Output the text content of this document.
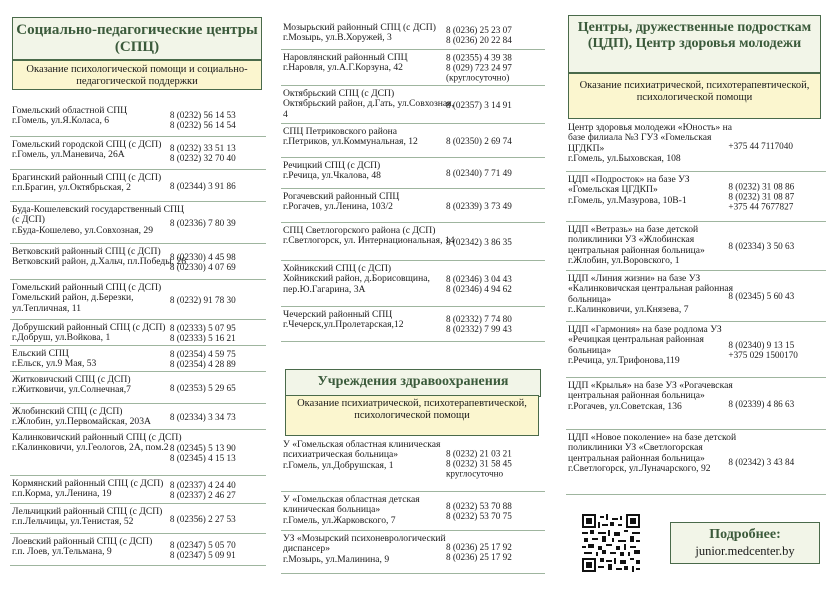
Социально-педагогические центры (СПЦ)
Оказание психологической помощи и социально-педагогической поддержки
Гомельский областной СПЦ
г.Гомель, ул.Я.Коласа, 6
8 (0232) 56 14 53
8 (0232) 56 14 54
Гомельский городской СПЦ (с ДСП)
г.Гомель, ул.Маневича, 26А
8 (0232) 33 51 13
8 (0232) 32 70 40
Брагинский районный СПЦ (с ДСП)
г.п.Брагин, ул.Октябрьская, 2	8 (02344) 3 91 86
Буда-Кошелевский государственный СПЦ (с ДСП)
г.Буда-Кошелево, ул.Совхозная, 29
8 (02336) 7 80 39
Ветковский районный СПЦ (с ДСП)
Ветковский район, д.Хальч, пл.Победы, 26
8 (02330) 4 45 98
8 (02330) 4 07 69
Гомельский районный СПЦ (с ДСП)
Гомельский район, д.Березки, ул.Тепличная, 11
8 (0232) 91 78 30
Добрушский районный СПЦ (с ДСП)
г.Добруш, ул.Войкова, 1
8 (02333) 5 07 95
8 (02333) 5 16 21
Ельский СПЦ
г.Ельск, ул.9 Мая, 53
8 (02354) 4 59 75
8 (02354) 4 28 89
Житковичский СПЦ (с ДСП)
г.Житковичи, ул.Солнечная,7	8 (02353) 5 29 65
Жлобинский СПЦ (с ДСП)
г.Жлобин, ул.Первомайская, 203А
8 (02334) 3 34 73
Калинковичский районный СПЦ (с ДСП)
г.Калинковичи, ул.Геологов, 2А, пом.2 8 (02345) 5 13 90
8 (02345) 4 15 13
Кормянский районный СПЦ (с ДСП)
г.п.Корма, ул.Ленина, 19
8 (02337) 4 24 40
8 (02337) 2 46 27
Лельчицкий районный СПЦ (с ДСП)
г.п.Лельчицы, ул.Тенистая, 52	8 (02356) 2 27 53
Лоевский районный СПЦ (с ДСП)
г.п. Лоев, ул.Тельмана, 9
8 (02347) 5 05 70
8 (02347) 5 09 91
Мозырьский районный СПЦ (с ДСП)
г.Мозырь, ул.В.Хоружей, 3
8 (0236) 25 23 07
8 (0236) 20 22 84
Наровлянский районный СПЦ
г.Наровля, ул.А.Г.Корзуна, 42
8 (02355) 4 39 38
8 (029) 723 24 97
(круглосуточно)
Октябрьский СПЦ (с ДСП)
Октябрьский район, д.Гать, ул.Совхозная, 4
8 (02357) 3 14 91
СПЦ Петриковского района
г.Петриков, ул.Коммунальная, 12	8 (02350) 2 69 74
Речицкий СПЦ (с ДСП)
г.Речица, ул.Чкалова, 48	8 (02340) 7 71 49
Рогачевский районный СПЦ
г.Рогачев, ул.Ленина, 103/2	8 (02339) 3 73 49
СПЦ Светлогорского района (с ДСП)
г.Светлогорск, ул. Интернациональная, 14
8 (02342) 3 86 35
Хойникский СПЦ (с ДСП)
Хойникский район, д.Борисовщина, пер.Ю.Гагарина, 3А
8 (02346) 3 04 43
8 (02346) 4 94 62
Чечерский районный СПЦ
г.Чечерск,ул.Пролетарская,12
8 (02332) 7 74 80
8 (02332) 7 99 43
Учреждения здравоохранения
Оказание психиатрической, психотерапевтической, психологической помощи
У «Гомельская областная клиническая психиатрическая больница»
г.Гомель, ул.Добрушская, 1
8 (0232) 21 03 21
8 (0232) 31 58 45
круглосуточно
У «Гомельская областная детская клиническая больница»
г.Гомель, ул.Жарковского, 7
8 (0232) 53 70 88
8 (0232) 53 70 75
УЗ «Мозырский психоневрологический диспансер»
г.Мозырь, ул.Малинина, 9
8 (0236) 25 17 92
8 (0236) 25 17 92
Центры, дружественные подросткам (ЦДП), Центр здоровья молодежи
Оказание психиатрической, психотерапевтической, психологической помощи
Центр здоровья молодежи «Юность» на базе филиала №3 ГУЗ «Гомельская ЦГДКП»
г.Гомель, ул.Быховская, 108
+375 44 7117040
ЦДП «Подросток» на базе УЗ «Гомельская ЦГДКП»
г.Гомель, ул.Мазурова, 10В-1
8 (0232) 31 08 86
8 (0232) 31 08 87
+375 44 7677827
ЦДП «Ветразь» на базе детской поликлиники УЗ «Жлобинская центральная районная больница»
г.Жлобин, ул.Воровского, 1
8 (02334) 3 50 63
ЦДП «Линия жизни» на базе УЗ «Калинковичская центральная районная больница»
г..Калинковичи, ул.Князева, 7
8 (02345) 5 60 43
ЦДП «Гармония» на базе родлома УЗ «Речицкая центральная районная больница»
г.Речица, ул.Трифонова,119
8 (02340) 9 13 15
+375 029 1500170
ЦДП «Крылья» на базе УЗ «Рогачевская центральная районная больница»
г.Рогачев, ул.Советская, 136	8 (02339) 4 86 63
ЦДП «Новое поколение» на базе детской поликлиники УЗ «Светлогорская центральная районная больница»
г.Светлогорск, ул.Луначарского, 92
8 (02342) 3 43 84
Подробнее:
junior.medcenter.by
